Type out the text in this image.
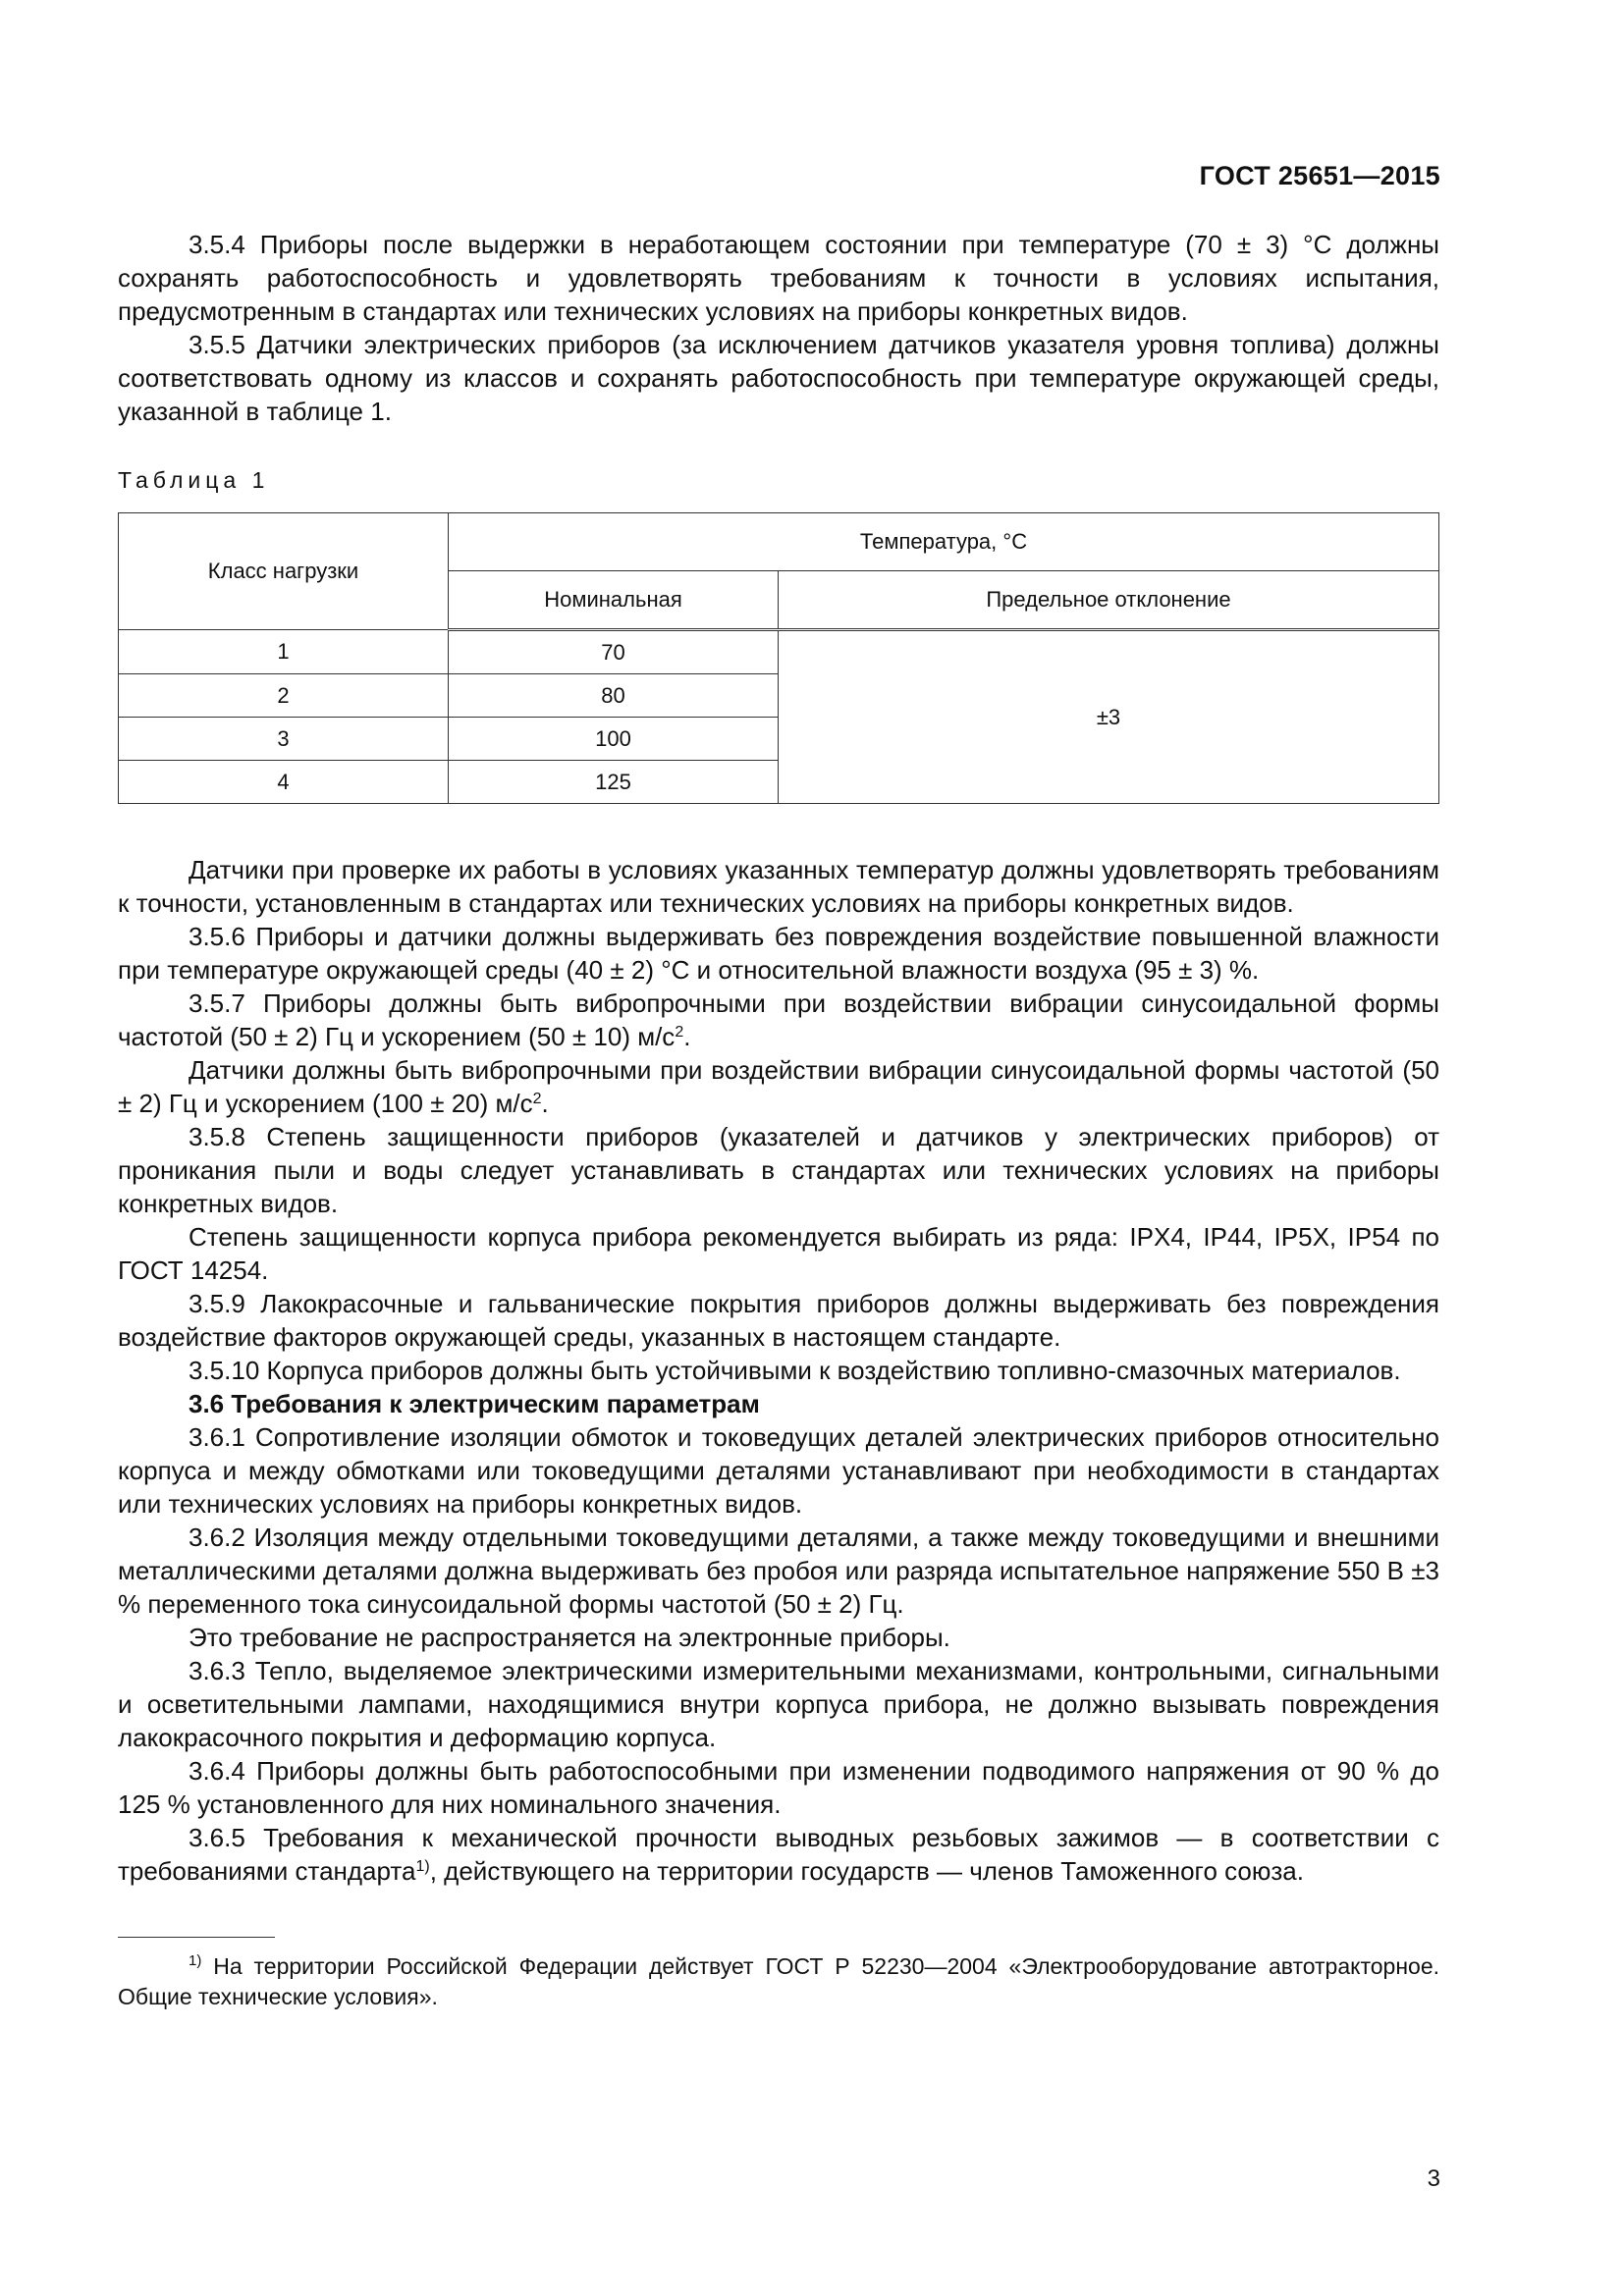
ГОСТ 25651—2015

3.5.4 Приборы после выдержки в неработающем состоянии при температуре (70 ± 3) °С должны сохранять работоспособность и удовлетворять требованиям к точности в условиях испытания, предусмотренным в стандартах или технических условиях на приборы конкретных видов.

3.5.5 Датчики электрических приборов (за исключением датчиков указателя уровня топлива) должны соответствовать одному из классов и сохранять работоспособность при температуре окружающей среды, указанной в таблице 1.

Таблица 1
Класс нагрузки	Температура, °С	
	Номинальная	Предельное отклонение
1	70	±3
2	80	
3	100	
4	125	

Датчики при проверке их работы в условиях указанных температур должны удовлетворять требованиям к точности, установленным в стандартах или технических условиях на приборы конкретных видов.

3.5.6 Приборы и датчики должны выдерживать без повреждения воздействие повышенной влажности при температуре окружающей среды (40 ± 2) °С и относительной влажности воздуха (95 ± 3) %.

3.5.7 Приборы должны быть вибропрочными при воздействии вибрации синусоидальной формы частотой (50 ± 2) Гц и ускорением (50 ± 10) $м/с^2$.

Датчики должны быть вибропрочными при воздействии вибрации синусоидальной формы частотой (50 ± 2) Гц и ускорением (100 ± 20) $м/с^2$.

3.5.8 Степень защищенности приборов (указателей и датчиков у электрических приборов) от проникания пыли и воды следует устанавливать в стандартах или технических условиях на приборы конкретных видов.

Степень защищенности корпуса прибора рекомендуется выбирать из ряда: IPX4, IP44, IP5X, IP54 по ГОСТ 14254.

3.5.9 Лакокрасочные и гальванические покрытия приборов должны выдерживать без повреждения воздействие факторов окружающей среды, указанных в настоящем стандарте.

3.5.10 Корпуса приборов должны быть устойчивыми к воздействию топливно-смазочных материалов.

3.6 Требования к электрическим параметрам

3.6.1 Сопротивление изоляции обмоток и токоведущих деталей электрических приборов относительно корпуса и между обмотками или токоведущими деталями устанавливают при необходимости в стандартах или технических условиях на приборы конкретных видов.

3.6.2 Изоляция между отдельными токоведущими деталями, а также между токоведущими и внешними металлическими деталями должна выдерживать без пробоя или разряда испытательное напряжение 550 В ±3 % переменного тока синусоидальной формы частотой (50 ± 2) Гц.

Это требование не распространяется на электронные приборы.

3.6.3 Тепло, выделяемое электрическими измерительными механизмами, контрольными, сигнальными и осветительными лампами, находящимися внутри корпуса прибора, не должно вызывать повреждения лакокрасочного покрытия и деформацию корпуса.

3.6.4 Приборы должны быть работоспособными при изменении подводимого напряжения от 90 % до 125 % установленного для них номинального значения.

3.6.5 Требования к механической прочности выводных резьбовых зажимов — в соответствии с требованиями стандарта$^{1)}$, действующего на территории государств — членов Таможенного союза.

$^{1)}$ На территории Российской Федерации действует ГОСТ Р 52230—2004 «Электрооборудование автотракторное. Общие технические условия».
3
